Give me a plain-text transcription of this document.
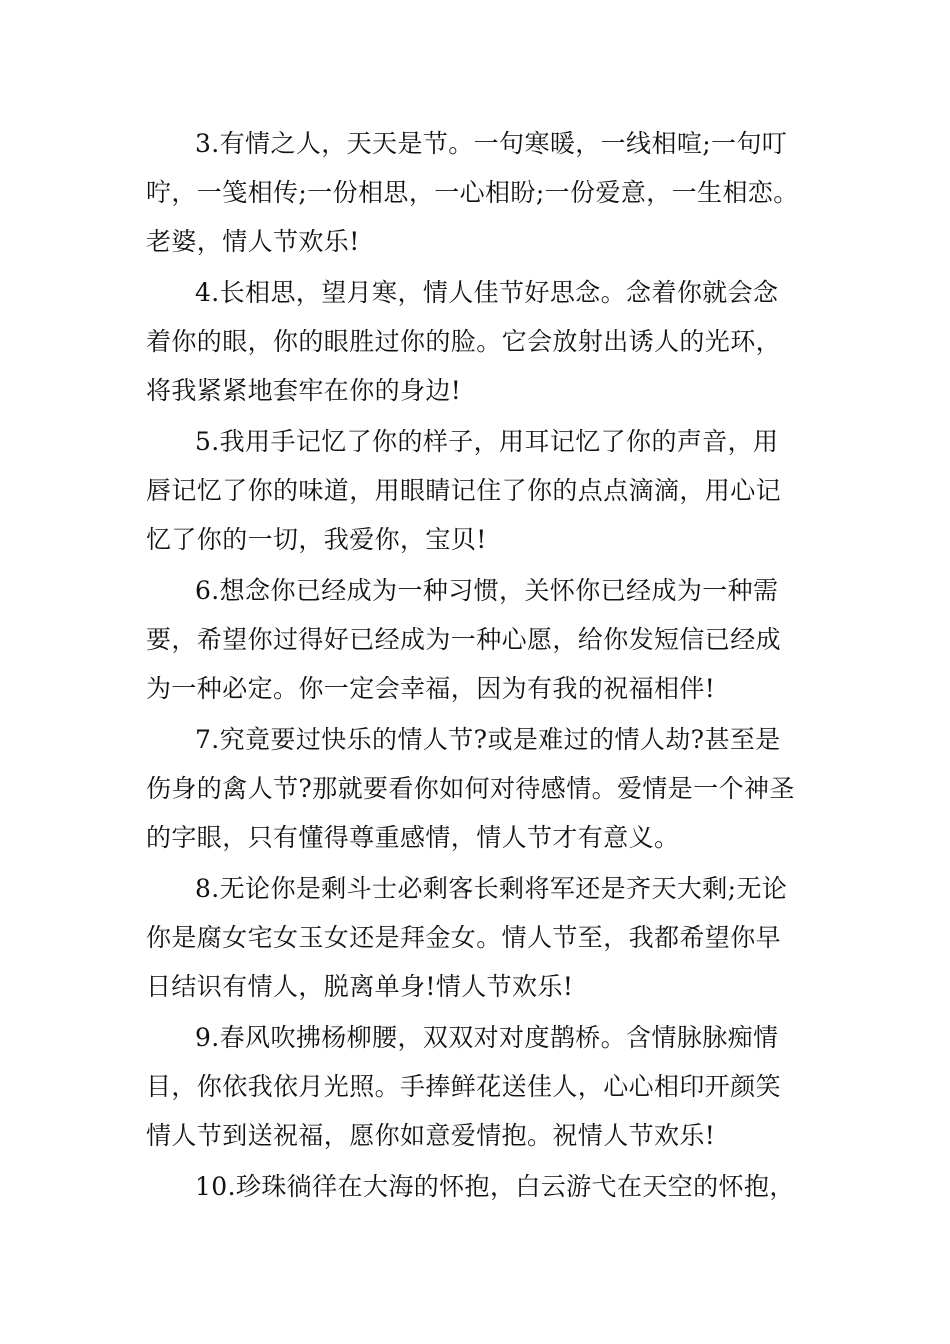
3.有情之人，天天是节。一句寒暖，一线相喧;一句叮
咛，一笺相传;一份相思，一心相盼;一份爱意，一生相恋。
老婆，情人节欢乐!
4.长相思，望月寒，情人佳节好思念。念着你就会念
着你的眼，你的眼胜过你的脸。它会放射出诱人的光环，
将我紧紧地套牢在你的身边!
5.我用手记忆了你的样子，用耳记忆了你的声音，用
唇记忆了你的味道，用眼睛记住了你的点点滴滴，用心记
忆了你的一切，我爱你，宝贝!
6.想念你已经成为一种习惯，关怀你已经成为一种需
要，希望你过得好已经成为一种心愿，给你发短信已经成
为一种必定。你一定会幸福，因为有我的祝福相伴!
7.究竟要过快乐的情人节?或是难过的情人劫?甚至是
伤身的禽人节?那就要看你如何对待感情。爱情是一个神圣
的字眼，只有懂得尊重感情，情人节才有意义。
8.无论你是剩斗士必剩客长剩将军还是齐天大剩;无论
你是腐女宅女玉女还是拜金女。情人节至，我都希望你早
日结识有情人，脱离单身!情人节欢乐!
9.春风吹拂杨柳腰，双双对对度鹊桥。含情脉脉痴情
目，你依我依月光照。手捧鲜花送佳人，心心相印开颜笑
情人节到送祝福，愿你如意爱情抱。祝情人节欢乐!
10.珍珠徜徉在大海的怀抱，白云游弋在天空的怀抱，
